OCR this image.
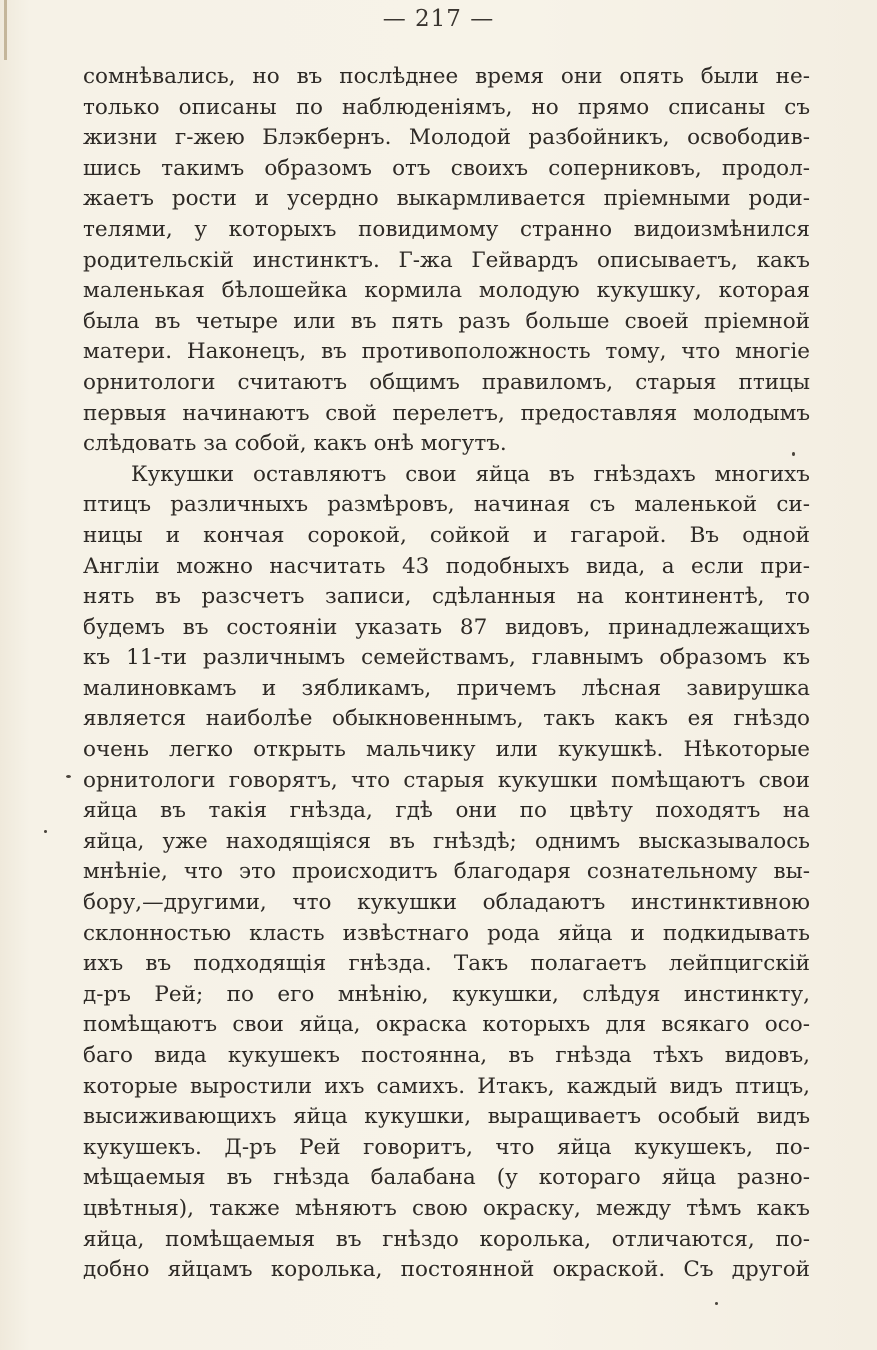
— 217 —
сомнѣвались, но въ послѣднее время они опять были не-
только описаны по наблюденіямъ, но прямо списаны съ
жизни г-жею Блэкбернъ. Молодой разбойникъ, освободив-
шись такимъ образомъ отъ своихъ соперниковъ, продол-
жаетъ рости и усердно выкармливается пріемными роди-
телями, у которыхъ повидимому странно видоизмѣнился
родительскій инстинктъ. Г-жа Гейвардъ описываетъ, какъ
маленькая бѣлошейка кормила молодую кукушку, которая
была въ четыре или въ пять разъ больше своей пріемной
матери. Наконецъ, въ противоположность тому, что многіе
орнитологи считаютъ общимъ правиломъ, старыя птицы
первыя начинаютъ свой перелетъ, предоставляя молодымъ
слѣдовать за собой, какъ онѣ могутъ.
Кукушки оставляютъ свои яйца въ гнѣздахъ многихъ
птицъ различныхъ размѣровъ, начиная съ маленькой си-
ницы и кончая сорокой, сойкой и гагарой. Въ одной
Англіи можно насчитать 43 подобныхъ вида, а если при-
нять въ разсчетъ записи, сдѣланныя на континентѣ, то
будемъ въ состояніи указать 87 видовъ, принадлежащихъ
къ 11-ти различнымъ семействамъ, главнымъ образомъ къ
малиновкамъ и зябликамъ, причемъ лѣсная завирушка
является наиболѣе обыкновеннымъ, такъ какъ ея гнѣздо
очень легко открыть мальчику или кукушкѣ. Нѣкоторые
орнитологи говорятъ, что старыя кукушки помѣщаютъ свои
яйца въ такія гнѣзда, гдѣ они по цвѣту походятъ на
яйца, уже находящіяся въ гнѣздѣ; однимъ высказывалось
мнѣніе, что это происходитъ благодаря сознательному вы-
бору,—другими, что кукушки обладаютъ инстинктивною
склонностью класть извѣстнаго рода яйца и подкидывать
ихъ въ подходящія гнѣзда. Такъ полагаетъ лейпцигскій
д-ръ Рей; по его мнѣнію, кукушки, слѣдуя инстинкту,
помѣщаютъ свои яйца, окраска которыхъ для всякаго осо-
баго вида кукушекъ постоянна, въ гнѣзда тѣхъ видовъ,
которые выростили ихъ самихъ. Итакъ, каждый видъ птицъ,
высиживающихъ яйца кукушки, выращиваетъ особый видъ
кукушекъ. Д-ръ Рей говоритъ, что яйца кукушекъ, по-
мѣщаемыя въ гнѣзда балабана (у котораго яйца разно-
цвѣтныя), также мѣняютъ свою окраску, между тѣмъ какъ
яйца, помѣщаемыя въ гнѣздо королька, отличаются, по-
добно яйцамъ королька, постоянной окраской. Съ другой
